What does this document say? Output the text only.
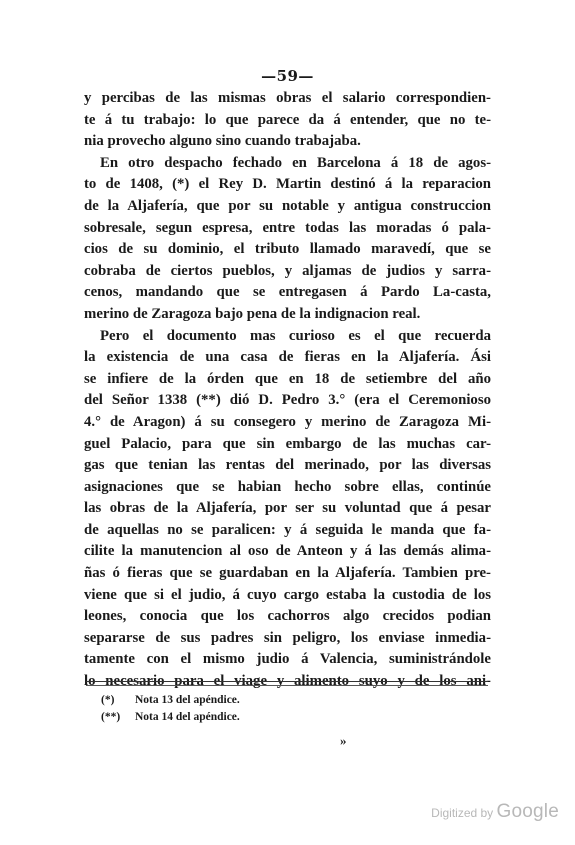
—59—
y percibas de las mismas obras el salario correspondien-
te á tu trabajo: lo que parece da á entender, que no te-
nia provecho alguno sino cuando trabajaba.
En otro despacho fechado en Barcelona á 18 de agos-
to de 1408, (*) el Rey D. Martin destinó á la reparacion
de la Aljafería, que por su notable y antigua construccion
sobresale, segun espresa, entre todas las moradas ó pala-
cios de su dominio, el tributo llamado maravedí, que se
cobraba de ciertos pueblos, y aljamas de judios y sarra-
cenos, mandando que se entregasen á Pardo La-casta,
merino de Zaragoza bajo pena de la indignacion real.
Pero el documento mas curioso es el que recuerda
la existencia de una casa de fieras en la Aljafería. Ási
se infiere de la órden que en 18 de setiembre del año
del Señor 1338 (**) dió D. Pedro 3.° (era el Ceremonioso
4.° de Aragon) á su consegero y merino de Zaragoza Mi-
guel Palacio, para que sin embargo de las muchas car-
gas que tenian las rentas del merinado, por las diversas
asignaciones que se habian hecho sobre ellas, continúe
las obras de la Aljafería, por ser su voluntad que á pesar
de aquellas no se paralicen: y á seguida le manda que fa-
cilite la manutencion al oso de Anteon y á las demás alima-
ñas ó fieras que se guardaban en la Aljafería. Tambien pre-
viene que si el judio, á cuyo cargo estaba la custodia de los
leones, conocia que los cachorros algo crecidos podian
separarse de sus padres sin peligro, los enviase inmedia-
tamente con el mismo judio á Valencia, suministrándole
lo necesario para el viage y alimento suyo y de los ani-
(*) Nota 13 del apéndice.
(**) Nota 14 del apéndice.
»
Digitized by Google
